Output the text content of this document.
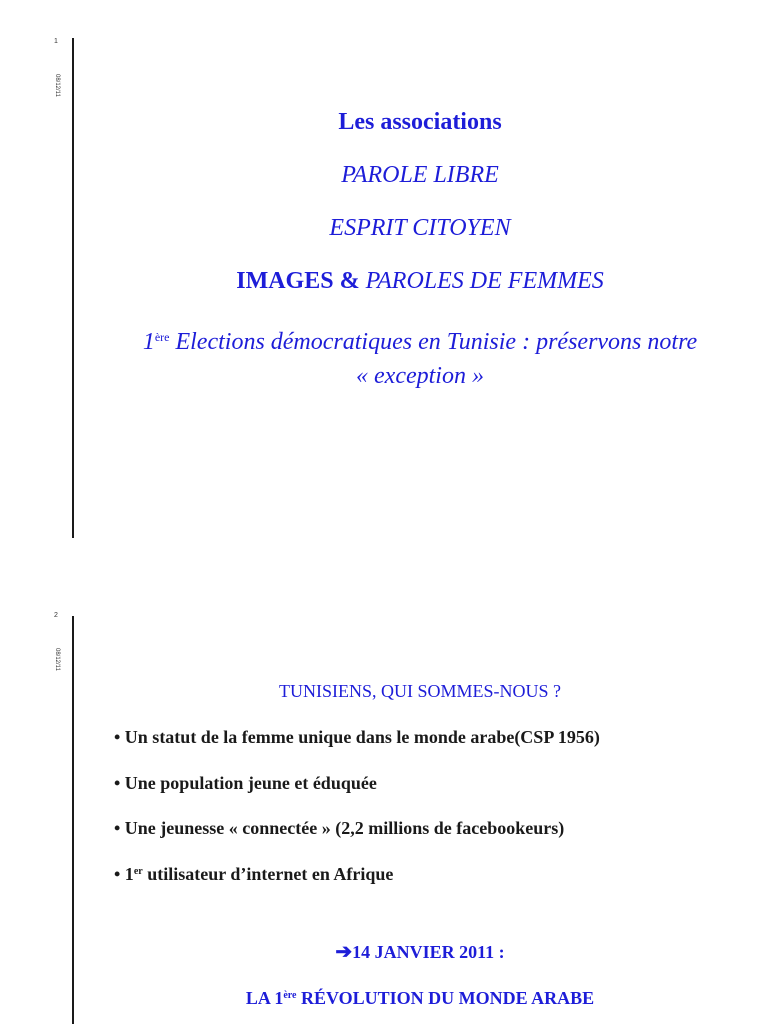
1
08/12/11

Les associations

PAROLE LIBRE

ESPRIT CITOYEN

IMAGES & PAROLES DE FEMMES

1ère Elections démocratiques en Tunisie : préservons notre
« exception »

2
08/12/11
TUNISIENS, QUI SOMMES-NOUS ?
• Un statut de la femme unique dans le monde arabe(CSP 1956)
• Une population jeune et éduquée
• Une jeunesse « connectée » (2,2 millions de facebookeurs)
• 1er utilisateur d’internet en Afrique
➔14 JANVIER 2011 :
LA 1ère RÉVOLUTION DU MONDE ARABE
